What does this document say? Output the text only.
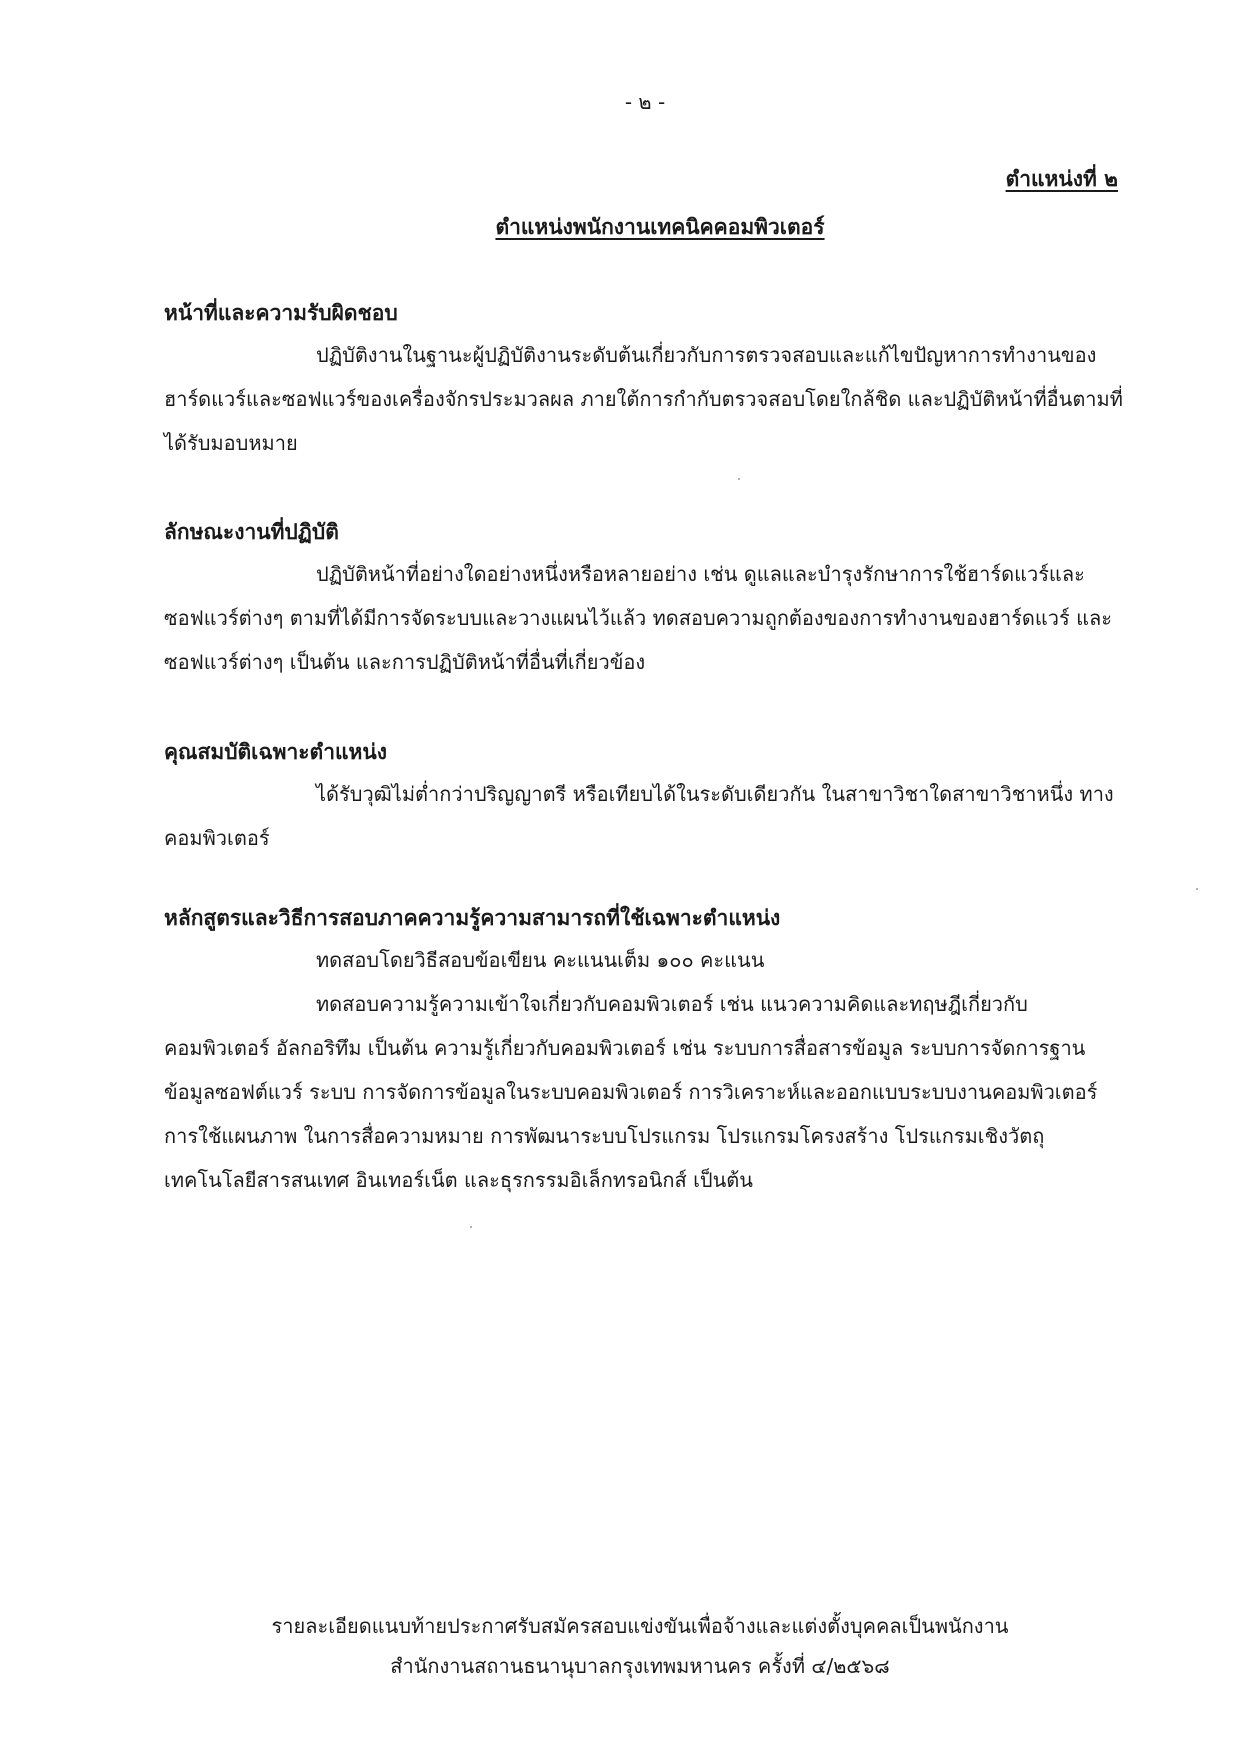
- ๒ -
ตำแหน่งที่ ๒
ตำแหน่งพนักงานเทคนิคคอมพิวเตอร์
หน้าที่และความรับผิดชอบ

ปฏิบัติงานในฐานะผู้ปฏิบัติงานระดับต้นเกี่ยวกับการตรวจสอบและแก้ไขปัญหาการทำงานของฮาร์ดแวร์และซอฟแวร์ของเครื่องจักรประมวลผล ภายใต้การกำกับตรวจสอบโดยใกล้ชิด และปฏิบัติหน้าที่อื่นตามที่ได้รับมอบหมาย

ลักษณะงานที่ปฏิบัติ

ปฏิบัติหน้าที่อย่างใดอย่างหนึ่งหรือหลายอย่าง เช่น ดูแลและบำรุงรักษาการใช้ฮาร์ดแวร์และซอฟแวร์ต่างๆ ตามที่ได้มีการจัดระบบและวางแผนไว้แล้ว ทดสอบความถูกต้องของการทำงานของฮาร์ดแวร์ และซอฟแวร์ต่างๆ เป็นต้น และการปฏิบัติหน้าที่อื่นที่เกี่ยวข้อง

คุณสมบัติเฉพาะตำแหน่ง

ได้รับวุฒิไม่ต่ำกว่าปริญญาตรี หรือเทียบได้ในระดับเดียวกัน ในสาขาวิชาใดสาขาวิชาหนึ่ง ทางคอมพิวเตอร์

หลักสูตรและวิธีการสอบภาคความรู้ความสามารถที่ใช้เฉพาะตำแหน่ง

ทดสอบโดยวิธีสอบข้อเขียน คะแนนเต็ม ๑๐๐ คะแนน

ทดสอบความรู้ความเข้าใจเกี่ยวกับคอมพิวเตอร์ เช่น แนวความคิดและทฤษฎีเกี่ยวกับคอมพิวเตอร์ อัลกอริทึม เป็นต้น ความรู้เกี่ยวกับคอมพิวเตอร์ เช่น ระบบการสื่อสารข้อมูล ระบบการจัดการฐานข้อมูลซอฟต์แวร์ ระบบ การจัดการข้อมูลในระบบคอมพิวเตอร์ การวิเคราะห์และออกแบบระบบงานคอมพิวเตอร์ การใช้แผนภาพ ในการสื่อความหมาย การพัฒนาระบบโปรแกรม โปรแกรมโครงสร้าง โปรแกรมเชิงวัตถุ เทคโนโลยีสารสนเทศ อินเทอร์เน็ต และธุรกรรมอิเล็กทรอนิกส์ เป็นต้น

รายละเอียดแนบท้ายประกาศรับสมัครสอบแข่งขันเพื่อจ้างและแต่งตั้งบุคคลเป็นพนักงาน
สำนักงานสถานธนานุบาลกรุงเทพมหานคร ครั้งที่ ๔/๒๕๖๘
